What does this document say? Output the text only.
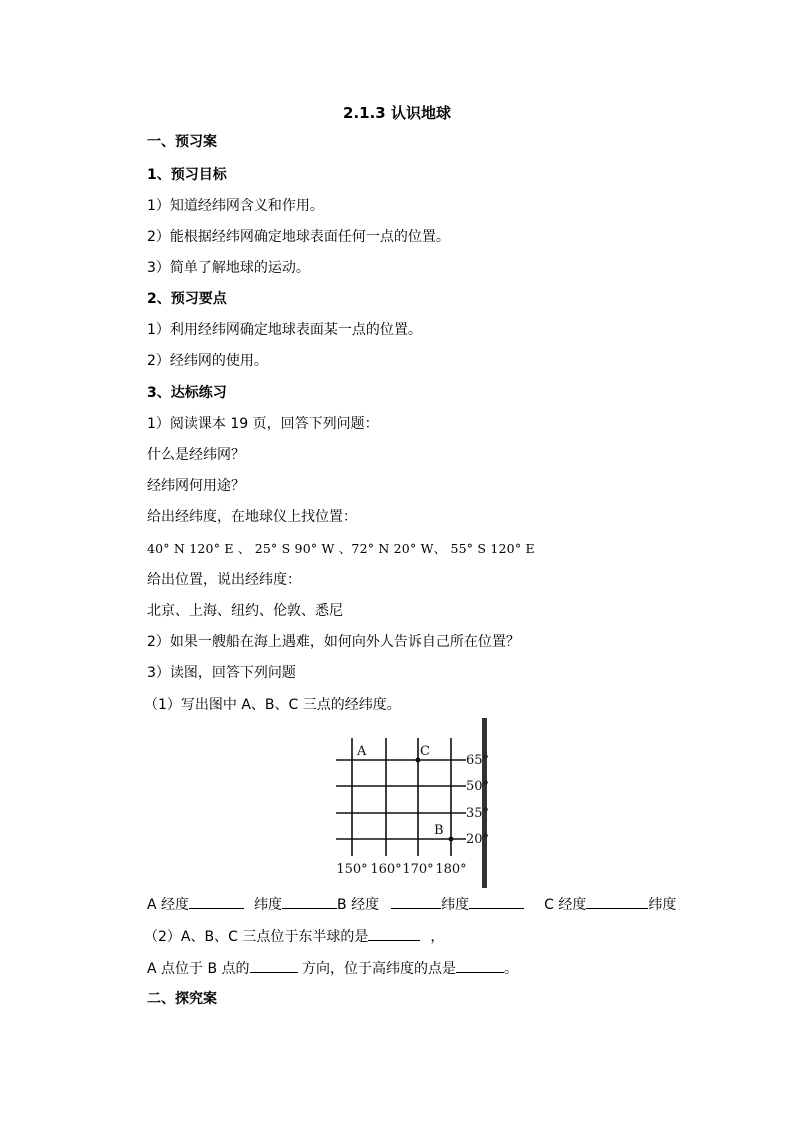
2.1.3 认识地球
一、预习案
1、预习目标
1）知道经纬网含义和作用。
2）能根据经纬网确定地球表面任何一点的位置。
3）简单了解地球的运动。
2、预习要点
1）利用经纬网确定地球表面某一点的位置。
2）经纬网的使用。
3、达标练习
1）阅读课本 19 页，回答下列问题：
什么是经纬网？
经纬网何用途？
给出经纬度，在地球仪上找位置：
40° N 120° E 、 25° S 90° W 、72° N 20° W、 55° S 120° E
给出位置，说出经纬度：
北京、上海、纽约、伦敦、悉尼
2）如果一艘船在海上遇难，如何向外人告诉自己所在位置？
3）读图，回答下列问题
（1）写出图中 A、B、C 三点的经纬度。
A	C
B
65°
50°
35°
20°
150° 160° 170° 180°
A 经度	纬度	B 经度	纬度	C 经度	纬度
（2）A、B、C 三点位于东半球的是	，
A 点位于 B 点的	方向，位于高纬度的点是	。
二、探究案
